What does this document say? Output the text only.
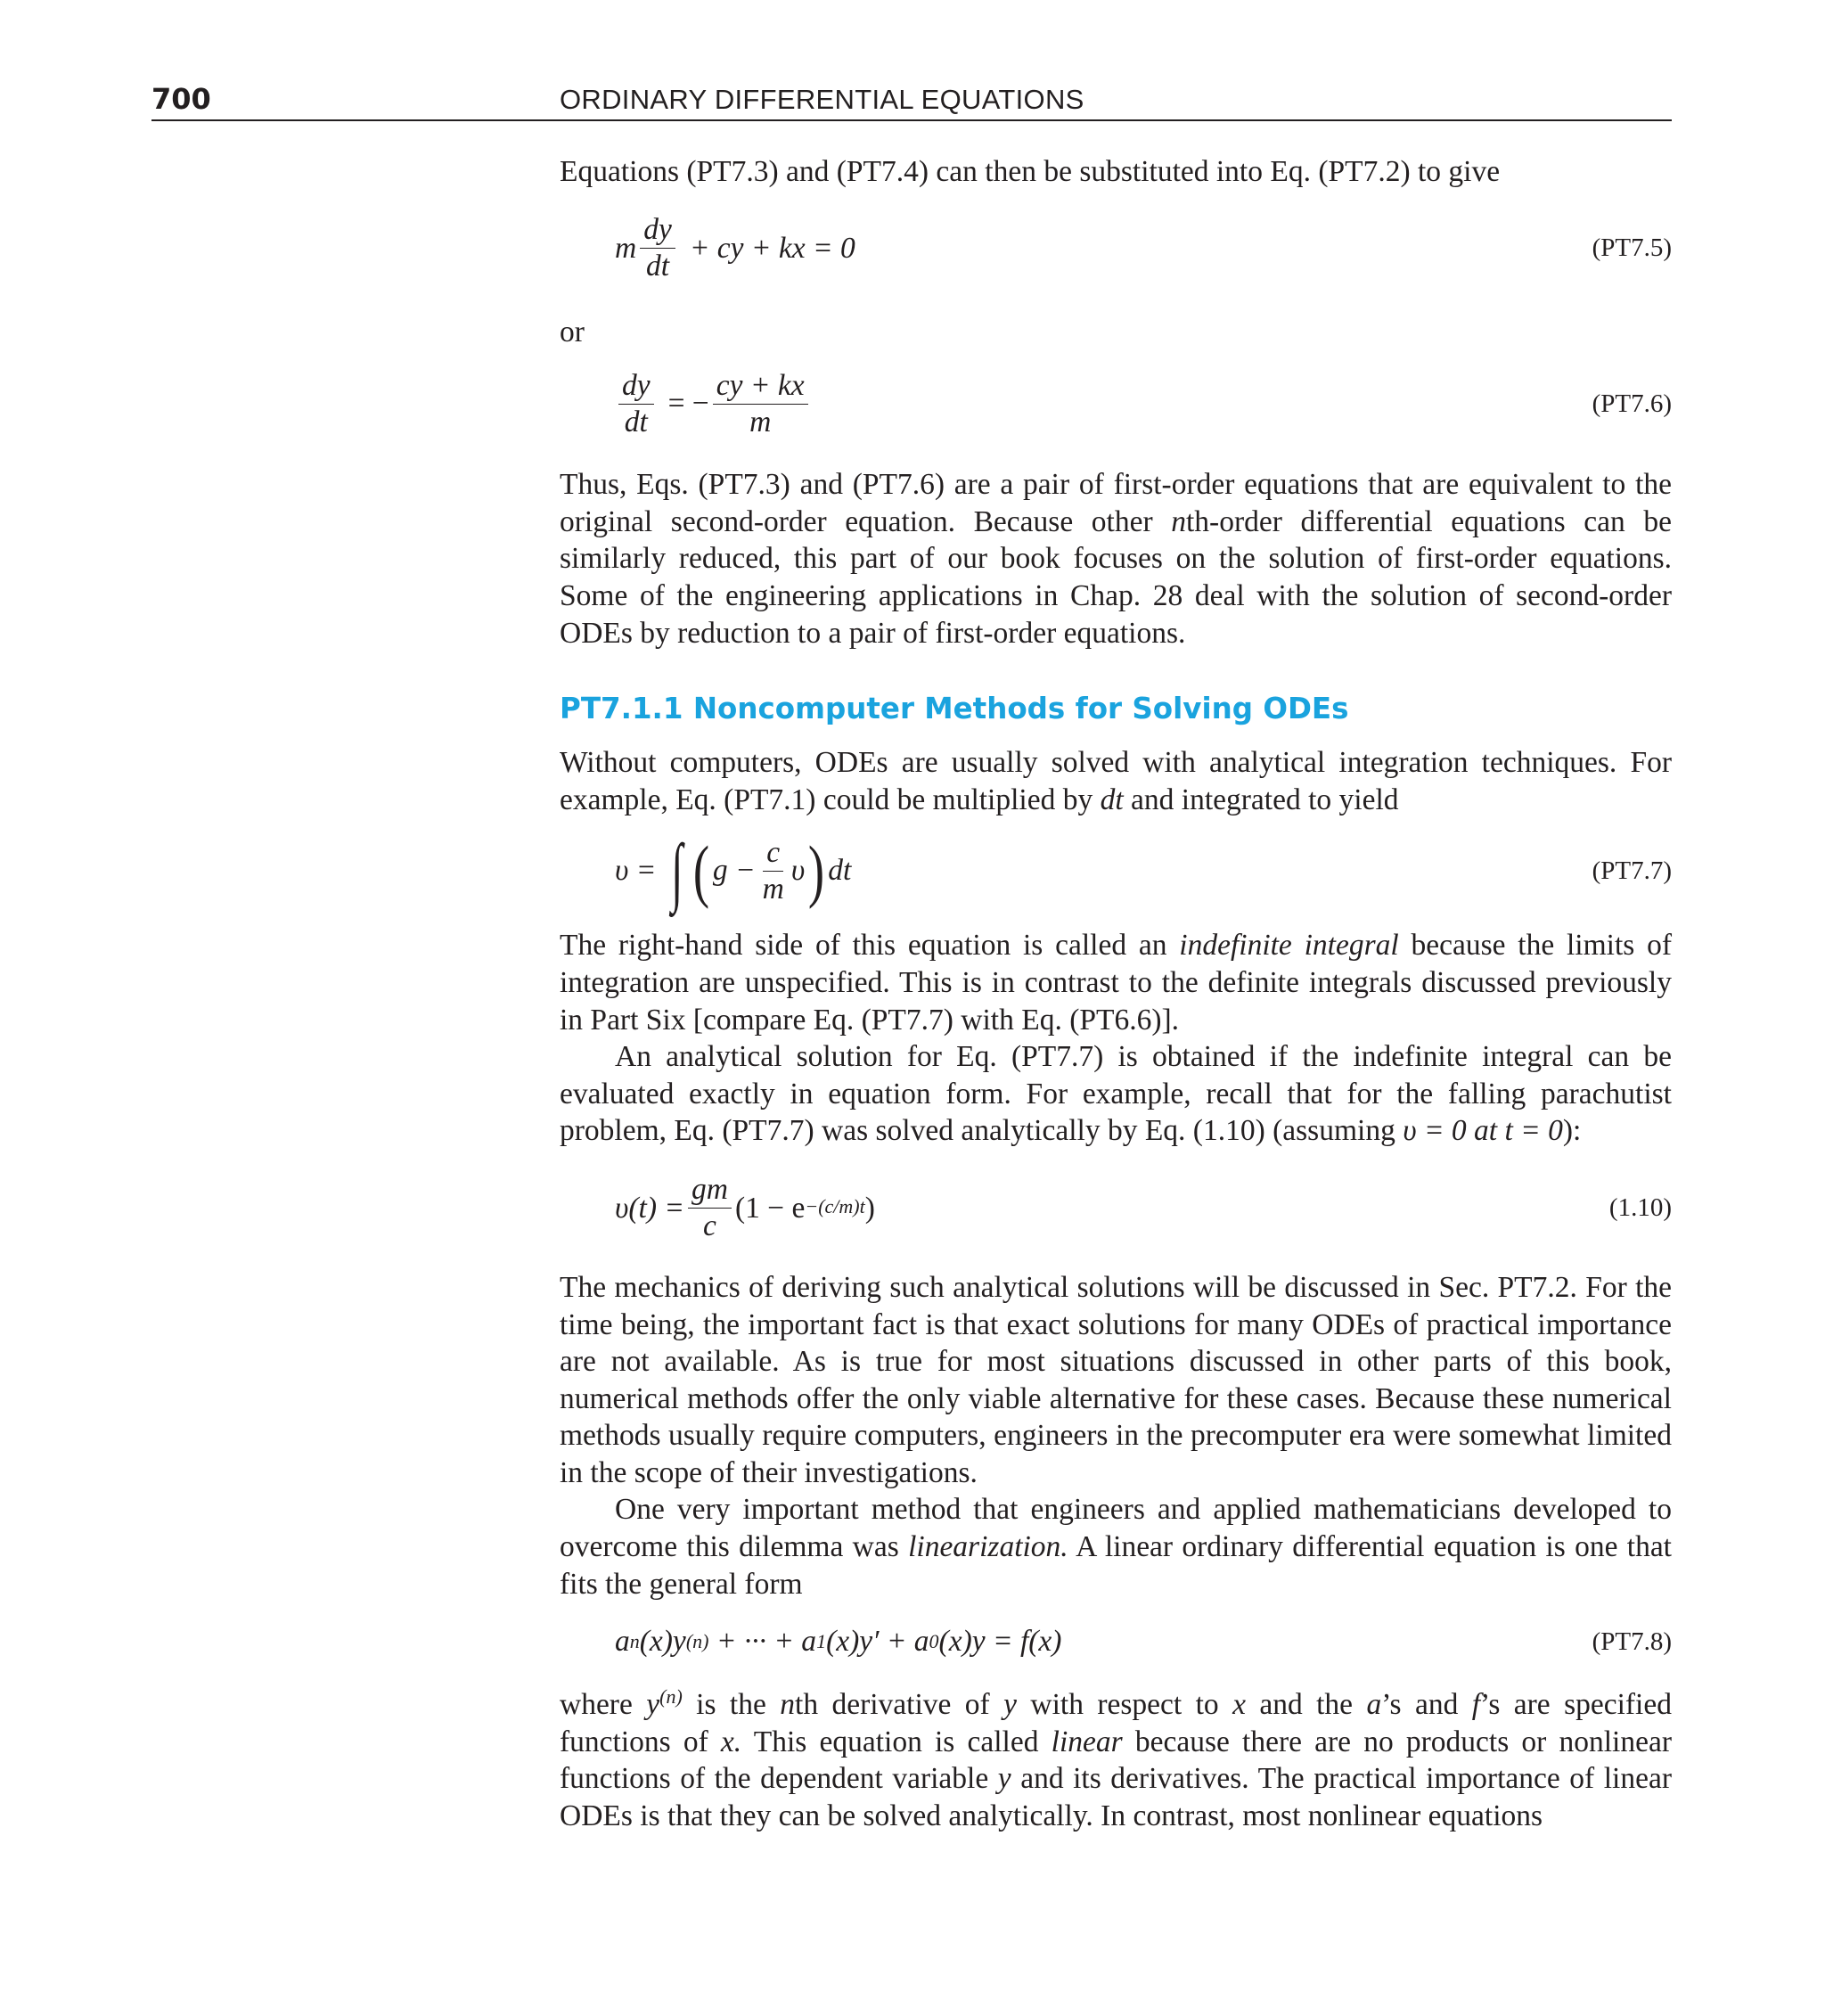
700	ORDINARY DIFFERENTIAL EQUATIONS

Equations (PT7.3) and (PT7.4) can then be substituted into Eq. (PT7.2) to give

m $\frac{dy}{dt}$ + cy + kx = 0	(PT7.5)

or

$\frac{dy}{dt}$ = − $\frac{cy + kx}{m}$	(PT7.6)

Thus, Eqs. (PT7.3) and (PT7.6) are a pair of first-order equations that are equivalent to the original second-order equation. Because other nth-order differential equations can be similarly reduced, this part of our book focuses on the solution of first-order equations. Some of the engineering applications in Chap. 28 deal with the solution of second-order ODEs by reduction to a pair of first-order equations.

PT7.1.1 Noncomputer Methods for Solving ODEs

Without computers, ODEs are usually solved with analytical integration techniques. For example, Eq. (PT7.1) could be multiplied by dt and integrated to yield

υ = ∫ ( $g - \frac{c}{m}$ υ ) dt	(PT7.7)

The right-hand side of this equation is called an indefinite integral because the limits of integration are unspecified. This is in contrast to the definite integrals discussed previously in Part Six [compare Eq. (PT7.7) with Eq. (PT6.6)].

An analytical solution for Eq. (PT7.7) is obtained if the indefinite integral can be evaluated exactly in equation form. For example, recall that for the falling parachutist problem, Eq. (PT7.7) was solved analytically by Eq. (1.10) (assuming υ = 0 at t = 0):

$\upsilon(t) = \frac{gm}{c} (1 - e^{-(c/m)t}$ )	(1.10)

The mechanics of deriving such analytical solutions will be discussed in Sec. PT7.2. For the time being, the important fact is that exact solutions for many ODEs of practical importance are not available. As is true for most situations discussed in other parts of this book, numerical methods offer the only viable alternative for these cases. Because these numerical methods usually require computers, engineers in the precomputer era were somewhat limited in the scope of their investigations.

One very important method that engineers and applied mathematicians developed to overcome this dilemma was linearization. A linear ordinary differential equation is one that fits the general form

a n (x)y (n) + ··· + a 1 (x)y′ + a 0 (x)y = f(x)	(PT7.8)

where $y^{(n)}$ is the nth derivative of y with respect to x and the a’s and f’s are specified functions of x. This equation is called linear because there are no products or nonlinear functions of the dependent variable y and its derivatives. The practical importance of linear ODEs is that they can be solved analytically. In contrast, most nonlinear equations
